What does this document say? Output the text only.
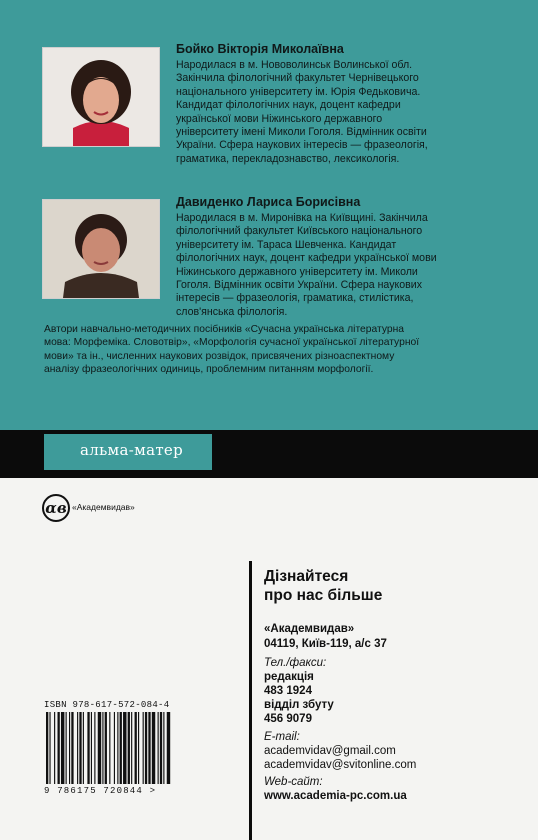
Бойко Вікторія Миколаївна
Народилася в м. Нововолинськ Волинської обл.
Закінчила філологічний факультет Чернівецького
національного університету ім. Юрія Федьковича.
Кандидат філологічних наук, доцент кафедри
української мови Ніжинського державного
університету імені Миколи Гоголя. Відмінник освіти
України. Сфера наукових інтересів — фразеологія,
граматика, перекладознавство, лексикологія.
Давиденко Лариса Борисівна
Народилася в м. Миронівка на Київщині. Закінчила
філологічний факультет Київського національного
університету ім. Тараса Шевченка. Кандидат
філологічних наук, доцент кафедри української мови
Ніжинського державного університету ім. Миколи
Гоголя. Відмінник освіти України. Сфера наукових
інтересів — фразеологія, граматика, стилістика,
слов'янська філологія.
Автори навчально-методичних посібників «Сучасна українська літературна
мова: Морфеміка. Словотвір», «Морфологія сучасної української літературної
мови» та ін., численних наукових розвідок, присвячених різноаспектному
аналізу фразеологічних одиниць, проблемним питанням морфології.
альма-матер
ɑв «Академвидав»
Дізнайтеся
про нас більше
«Академвидав»
04119, Київ-119, а/с 37
Тел./факси:
редакція
483 1924
відділ збуту
456 9079
E-mail:
academvidav@gmail.com
academvidav@svitonline.com
Web-сайт:
www.academia-pc.com.ua
ISBN 978-617-572-084-4
9 786175 720844 >
